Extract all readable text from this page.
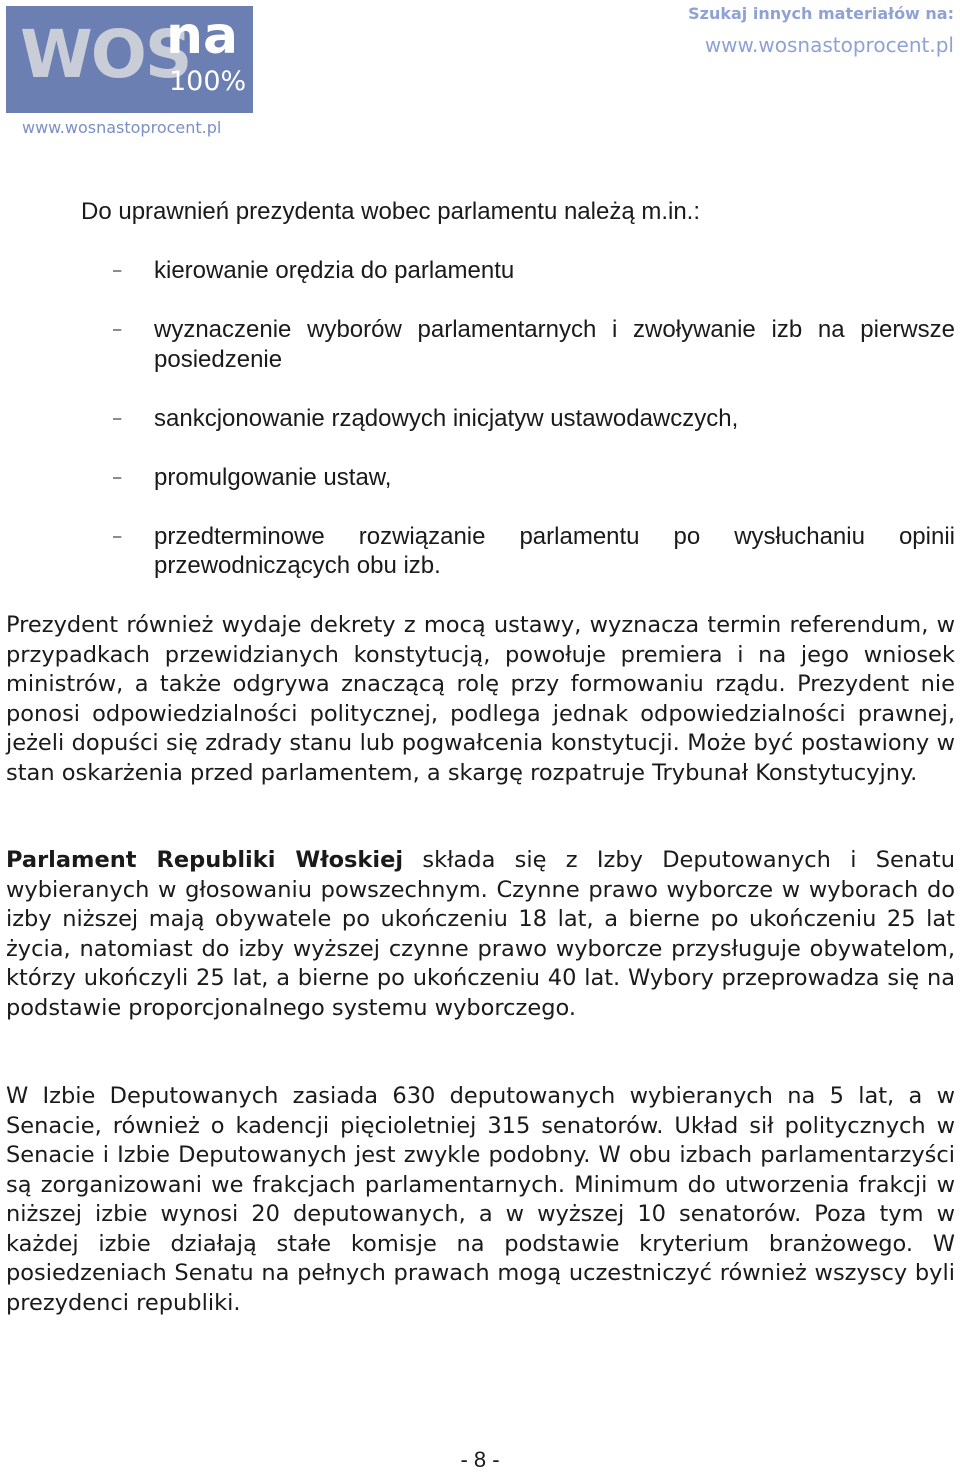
WOS
na
100%
www.wosnastoprocent.pl
Szukaj innych materiałów na:
www.wosnastoprocent.pl
Do uprawnień prezydenta wobec parlamentu należą m.in.:
– kierowanie orędzia do parlamentu
– wyznaczenie wyborów parlamentarnych i zwoływanie izb na pierwsze posiedzenie
– sankcjonowanie rządowych inicjatyw ustawodawczych,
– promulgowanie ustaw,
– przedterminowe rozwiązanie parlamentu po wysłuchaniu opinii przewodniczących obu izb.

Prezydent również wydaje dekrety z mocą ustawy, wyznacza termin referendum, w przypadkach przewidzianych konstytucją, powołuje premiera i na jego wniosek ministrów, a także odgrywa znaczącą rolę przy formowaniu rządu. Prezydent nie ponosi odpowiedzialności politycznej, podlega jednak odpowiedzialności prawnej, jeżeli dopuści się zdrady stanu lub pogwałcenia konstytucji. Może być postawiony w stan oskarżenia przed parlamentem, a skargę rozpatruje Trybunał Konstytucyjny.

Parlament Republiki Włoskiej składa się z Izby Deputowanych i Senatu wybieranych w głosowaniu powszechnym. Czynne prawo wyborcze w wyborach do izby niższej mają obywatele po ukończeniu 18 lat, a bierne po ukończeniu 25 lat życia, natomiast do izby wyższej czynne prawo wyborcze przysługuje obywatelom, którzy ukończyli 25 lat, a bierne po ukończeniu 40 lat. Wybory przeprowadza się na podstawie proporcjonalnego systemu wyborczego.

W Izbie Deputowanych zasiada 630 deputowanych wybieranych na 5 lat, a w Senacie, również o kadencji pięcioletniej 315 senatorów. Układ sił politycznych w Senacie i Izbie Deputowanych jest zwykle podobny. W obu izbach parlamentarzyści są zorganizowani we frakcjach parlamentarnych. Minimum do utworzenia frakcji w niższej izbie wynosi 20 deputowanych, a w wyższej 10 senatorów. Poza tym w każdej izbie działają stałe komisje na podstawie kryterium branżowego. W posiedzeniach Senatu na pełnych prawach mogą uczestniczyć również wszyscy byli prezydenci republiki.

- 8 -
